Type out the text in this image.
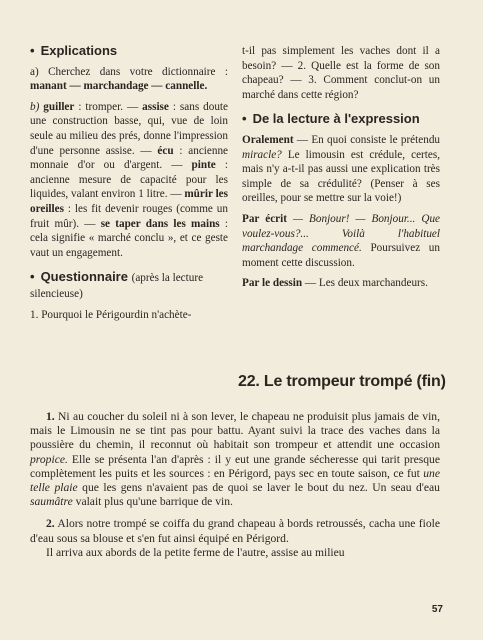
• Explications

a) Cherchez dans votre dictionnaire : manant — marchandage — cannelle.

b) guiller : tromper. — assise : sans doute une construction basse, qui, vue de loin seule au milieu des prés, donne l'impression d'une personne assise. — écu : ancienne monnaie d'or ou d'argent. — pinte : ancienne mesure de capacité pour les liquides, valant environ 1 litre. — mûrir les oreilles : les fit devenir rouges (comme un fruit mûr). — se taper dans les mains : cela signifie « marché conclu », et ce geste vaut un engagement.

• Questionnaire (après la lecture silencieuse)

1. Pourquoi le Périgourdin n'achète-

t-il pas simplement les vaches dont il a besoin? — 2. Quelle est la forme de son chapeau? — 3. Comment conclut-on un marché dans cette région?

• De la lecture à l'expression

Oralement — En quoi consiste le prétendu miracle? Le limousin est crédule, certes, mais n'y a-t-il pas aussi une explication très simple de sa crédulité? (Penser à ses oreilles, pour se mettre sur la voie!)

Par écrit — Bonjour! — Bonjour... Que voulez-vous?... Voilà l'habituel marchandage commencé. Poursuivez un moment cette discussion.

Par le dessin — Les deux marchandeurs.

22. Le trompeur trompé (fin)

1. Ni au coucher du soleil ni à son lever, le chapeau ne produisit plus jamais de vin, mais le Limousin ne se tint pas pour battu. Ayant suivi la trace des vaches dans la poussière du chemin, il reconnut où habitait son trompeur et attendit une occasion propice. Elle se présenta l'an d'après : il y eut une grande sécheresse qui tarit presque complètement les puits et les sources : en Périgord, pays sec en toute saison, ce fut une telle plaie que les gens n'avaient pas de quoi se laver le bout du nez. Un seau d'eau saumâtre valait plus qu'une barrique de vin.

2. Alors notre trompé se coiffa du grand chapeau à bords retroussés, cacha une fiole d'eau sous sa blouse et s'en fut ainsi équipé en Périgord.

Il arriva aux abords de la petite ferme de l'autre, assise au milieu

57
